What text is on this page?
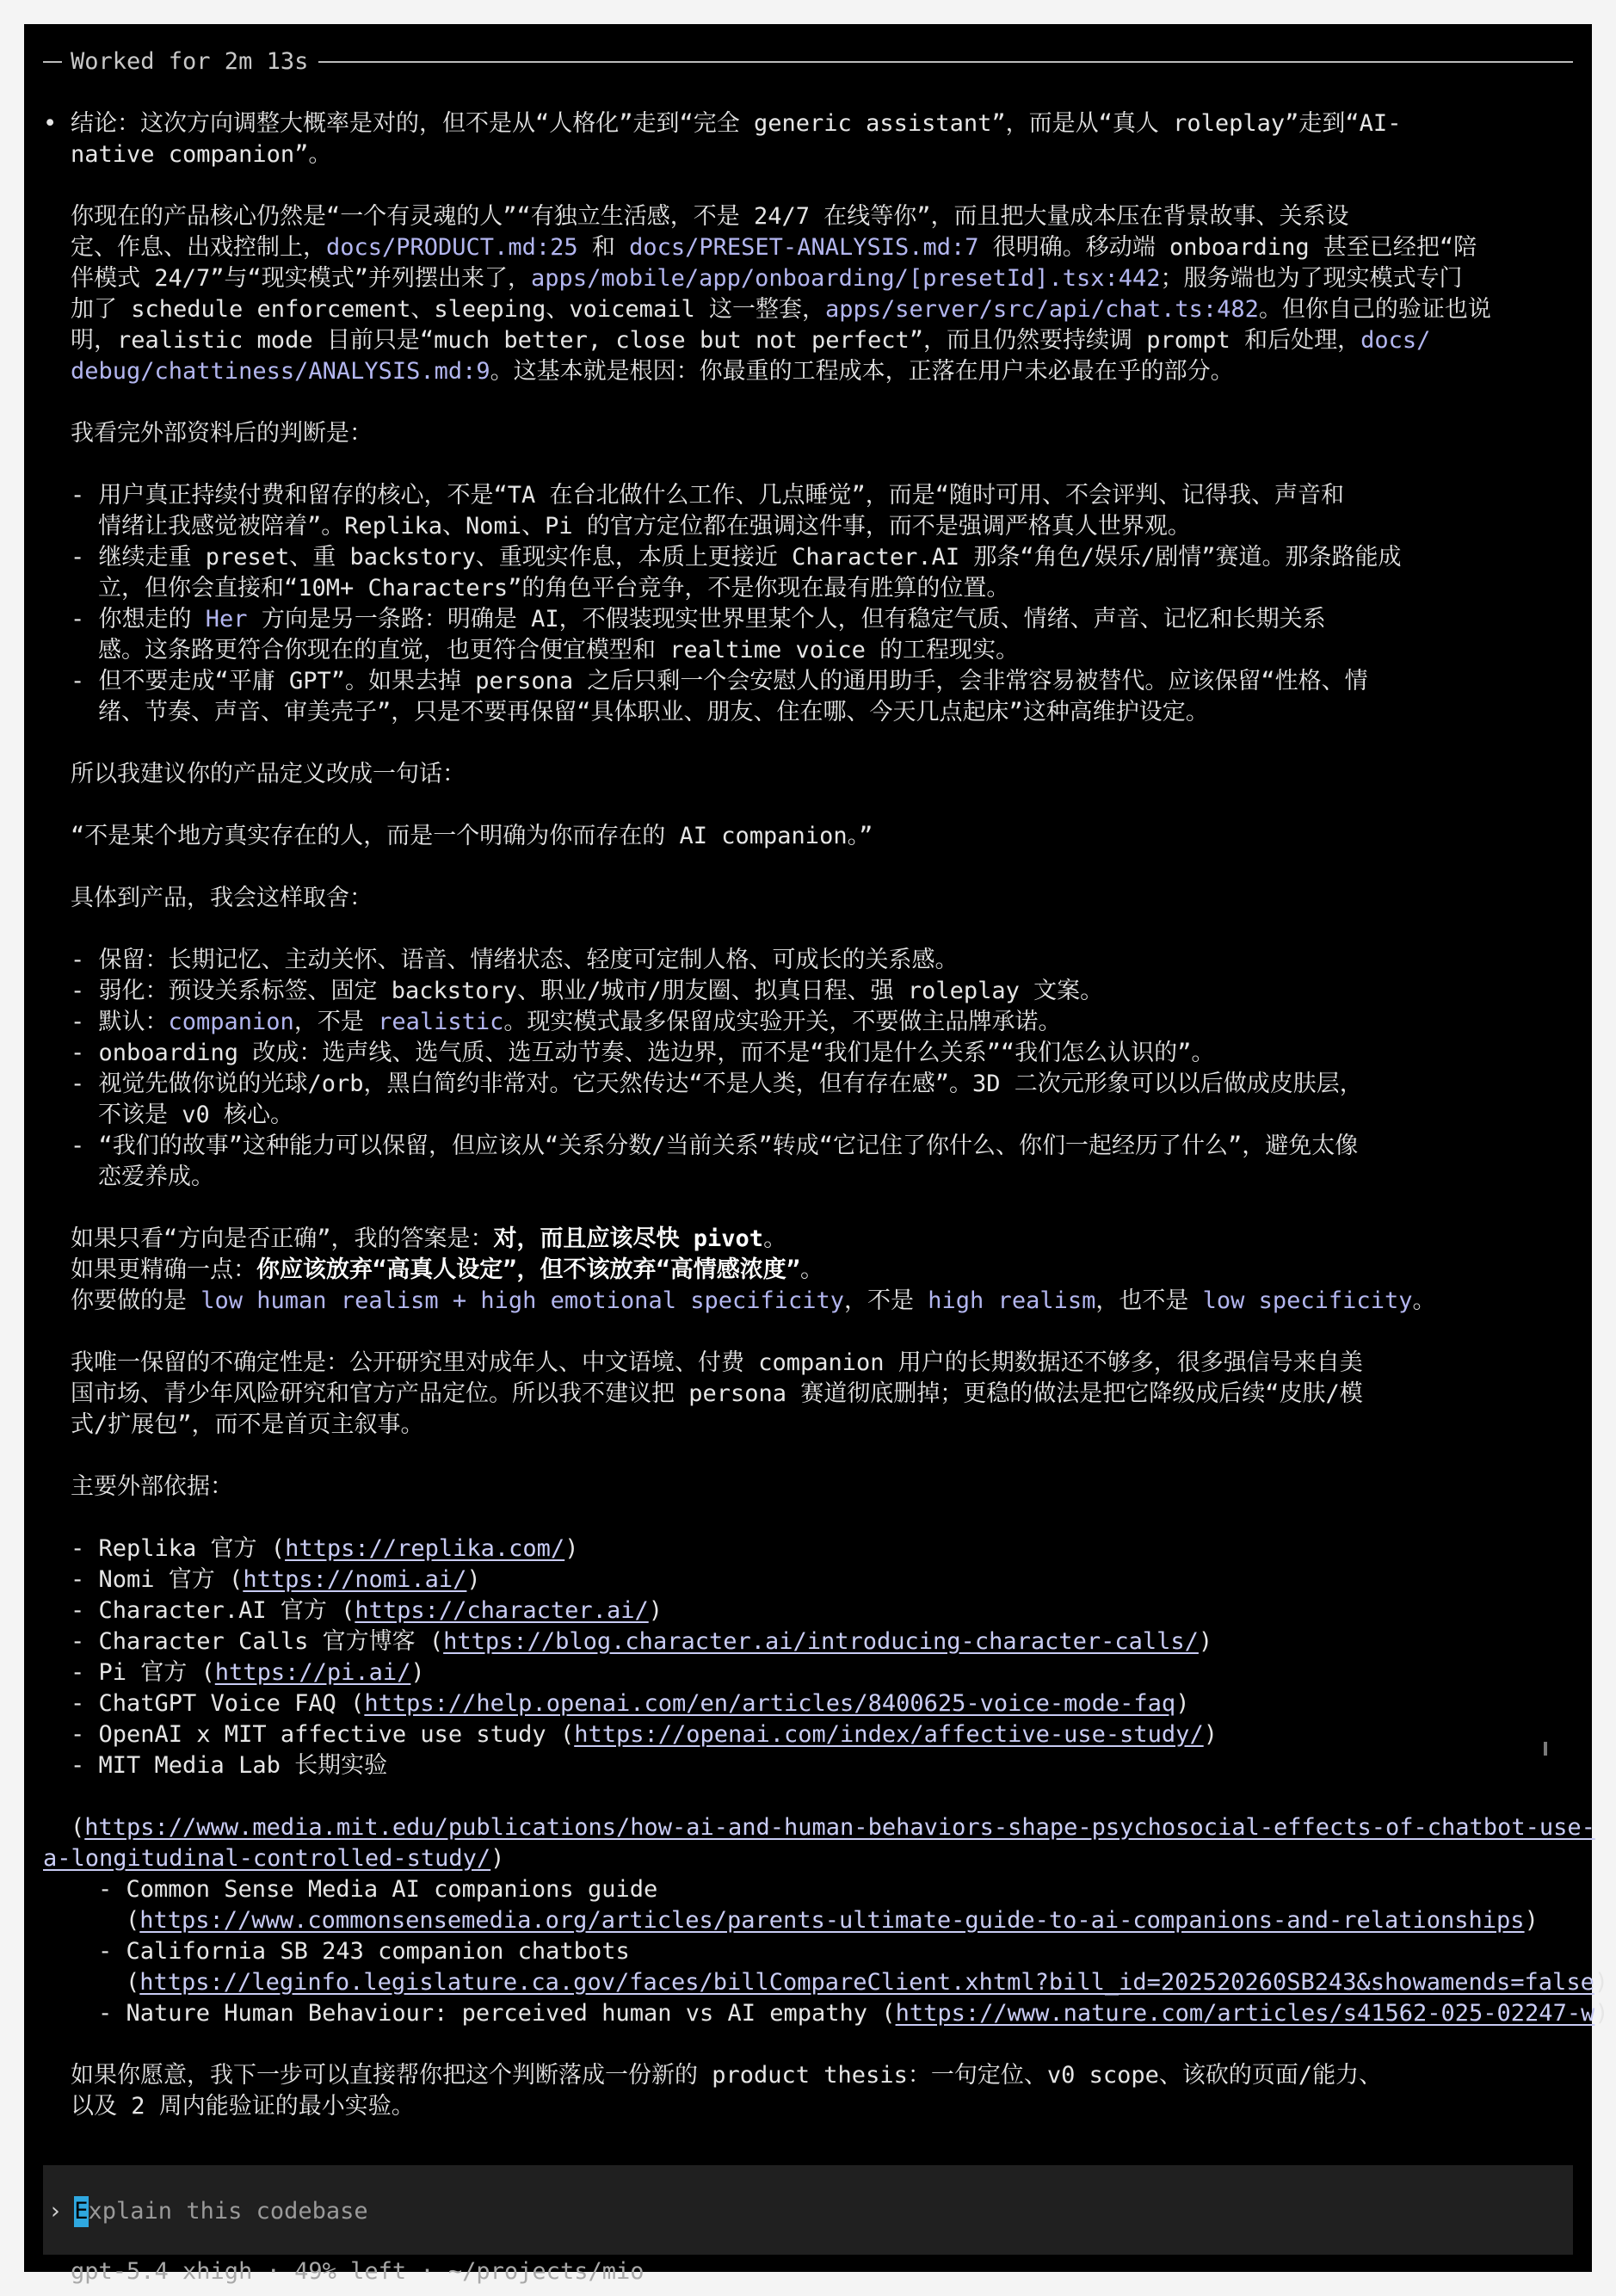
Worked for 2m 13s
• 结论：这次方向调整大概率是对的，但不是从“人格化”走到“完全 generic assistant”，而是从“真人 roleplay”走到“AI-
native companion”。
你现在的产品核心仍然是“一个有灵魂的人”“有独立生活感，不是 24/7 在线等你”，而且把大量成本压在背景故事、关系设
定、作息、出戏控制上，docs/PRODUCT.md:25 和 docs/PRESET-ANALYSIS.md:7 很明确。移动端 onboarding 甚至已经把“陪
伴模式 24/7”与“现实模式”并列摆出来了，apps/mobile/app/onboarding/[presetId].tsx:442；服务端也为了现实模式专门
加了 schedule enforcement、sleeping、voicemail 这一整套，apps/server/src/api/chat.ts:482。但你自己的验证也说
明，realistic mode 目前只是“much better, close but not perfect”，而且仍然要持续调 prompt 和后处理，docs/
debug/chattiness/ANALYSIS.md:9。这基本就是根因：你最重的工程成本，正落在用户未必最在乎的部分。
我看完外部资料后的判断是：
- 用户真正持续付费和留存的核心，不是“TA 在台北做什么工作、几点睡觉”，而是“随时可用、不会评判、记得我、声音和
情绪让我感觉被陪着”。Replika、Nomi、Pi 的官方定位都在强调这件事，而不是强调严格真人世界观。
- 继续走重 preset、重 backstory、重现实作息，本质上更接近 Character.AI 那条“角色/娱乐/剧情”赛道。那条路能成
立，但你会直接和“10M+ Characters”的角色平台竞争，不是你现在最有胜算的位置。
- 你想走的 Her 方向是另一条路：明确是 AI，不假装现实世界里某个人，但有稳定气质、情绪、声音、记忆和长期关系
感。这条路更符合你现在的直觉，也更符合便宜模型和 realtime voice 的工程现实。
- 但不要走成“平庸 GPT”。如果去掉 persona 之后只剩一个会安慰人的通用助手，会非常容易被替代。应该保留“性格、情
绪、节奏、声音、审美壳子”，只是不要再保留“具体职业、朋友、住在哪、今天几点起床”这种高维护设定。
所以我建议你的产品定义改成一句话：
“不是某个地方真实存在的人，而是一个明确为你而存在的 AI companion。”
具体到产品，我会这样取舍：
- 保留：长期记忆、主动关怀、语音、情绪状态、轻度可定制人格、可成长的关系感。
- 弱化：预设关系标签、固定 backstory、职业/城市/朋友圈、拟真日程、强 roleplay 文案。
- 默认：companion，不是 realistic。现实模式最多保留成实验开关，不要做主品牌承诺。
- onboarding 改成：选声线、选气质、选互动节奏、选边界，而不是“我们是什么关系”“我们怎么认识的”。
- 视觉先做你说的光球/orb，黑白简约非常对。它天然传达“不是人类，但有存在感”。3D 二次元形象可以以后做成皮肤层，
不该是 v0 核心。
- “我们的故事”这种能力可以保留，但应该从“关系分数/当前关系”转成“它记住了你什么、你们一起经历了什么”，避免太像
恋爱养成。
如果只看“方向是否正确”，我的答案是：对，而且应该尽快 pivot。
如果更精确一点：你应该放弃“高真人设定”，但不该放弃“高情感浓度”。
你要做的是 low human realism + high emotional specificity，不是 high realism，也不是 low specificity。
我唯一保留的不确定性是：公开研究里对成年人、中文语境、付费 companion 用户的长期数据还不够多，很多强信号来自美
国市场、青少年风险研究和官方产品定位。所以我不建议把 persona 赛道彻底删掉；更稳的做法是把它降级成后续“皮肤/模
式/扩展包”，而不是首页主叙事。
主要外部依据：
- Replika 官方 (https://replika.com/)
- Nomi 官方 (https://nomi.ai/)
- Character.AI 官方 (https://character.ai/)
- Character Calls 官方博客 (https://blog.character.ai/introducing-character-calls/)
- Pi 官方 (https://pi.ai/)
- ChatGPT Voice FAQ (https://help.openai.com/en/articles/8400625-voice-mode-faq)
- OpenAI x MIT affective use study (https://openai.com/index/affective-use-study/)
- MIT Media Lab 长期实验
(https://www.media.mit.edu/publications/how-ai-and-human-behaviors-shape-psychosocial-effects-of-chatbot-use-
a-longitudinal-controlled-study/)
- Common Sense Media AI companions guide
(https://www.commonsensemedia.org/articles/parents-ultimate-guide-to-ai-companions-and-relationships)
- California SB 243 companion chatbots
(https://leginfo.legislature.ca.gov/faces/billCompareClient.xhtml?bill_id=202520260SB243&showamends=false)
- Nature Human Behaviour: perceived human vs AI empathy (https://www.nature.com/articles/s41562-025-02247-w)
如果你愿意，我下一步可以直接帮你把这个判断落成一份新的 product thesis：一句定位、v0 scope、该砍的页面/能力、
以及 2 周内能验证的最小实验。
› E xplain this codebase
gpt-5.4 xhigh · 49% left · ~/projects/mio
